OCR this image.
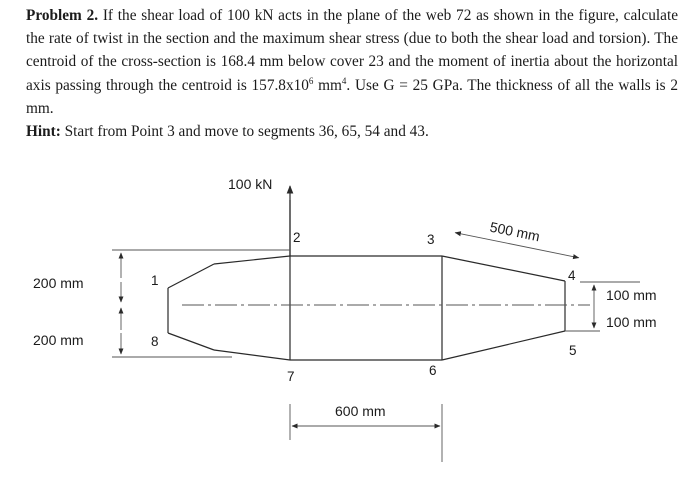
Problem 2. If the shear load of 100 kN acts in the plane of the web 72 as shown in the figure, calculate the rate of twist in the section and the maximum shear stress (due to both the shear load and torsion). The centroid of the cross-section is 168.4 mm below cover 23 and the moment of inertia about the horizontal axis passing through the centroid is $157.8x10^6$ $mm^4$. Use G = 25 GPa. The thickness of all the walls is 2 mm.
Hint: Start from Point 3 and move to segments 36, 65, 54 and 43.
100 kN
200 mm
200 mm
500 mm
100 mm
100 mm
600 mm
1
2	3
4
5
6
7
8
